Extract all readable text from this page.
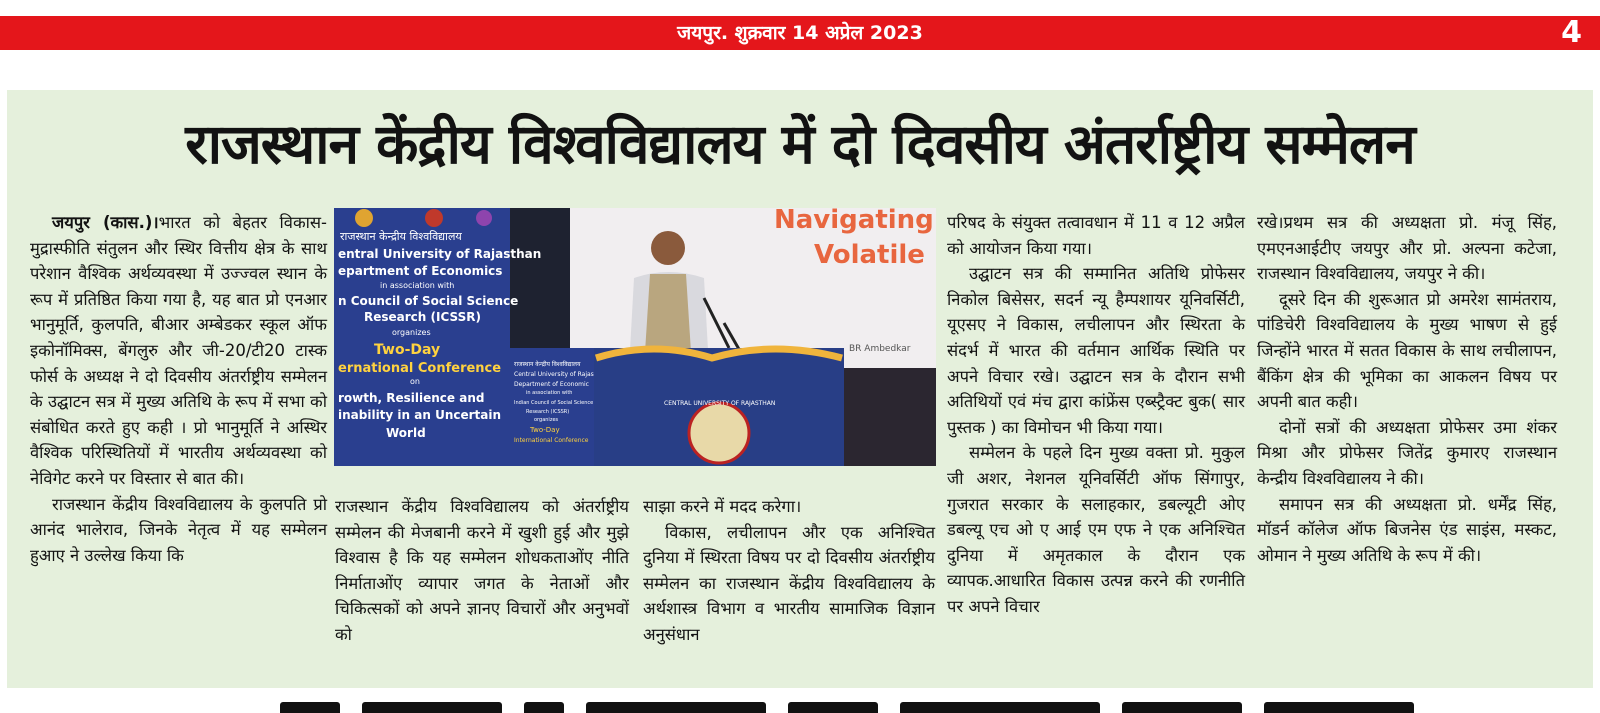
जयपुर. शुक्रवार 14 अप्रेल 2023	4
राजस्थान केंद्रीय विश्वविद्यालय में दो दिवसीय अंतर्राष्ट्रीय सम्मेलन

जयपुर (कास.)।भारत को बेहतर विकास-मुद्रास्फीति संतुलन और स्थिर वित्तीय क्षेत्र के साथ परेशान वैश्विक अर्थव्यवस्था में उज्ज्वल स्थान के रूप में प्रतिष्ठित किया गया है, यह बात प्रो एनआर भानुमूर्ति, कुलपति, बीआर अम्बेडकर स्कूल ऑफ इकोनॉमिक्स, बेंगलुरु और जी-20/टी20 टास्क फोर्स के अध्यक्ष ने दो दिवसीय अंतर्राष्ट्रीय सम्मेलन के उद्घाटन सत्र में मुख्य अतिथि के रूप में सभा को संबोधित करते हुए कही । प्रो भानुमूर्ति ने अस्थिर वैश्विक परिस्थितियों में भारतीय अर्थव्यवस्था को नेविगेट करने पर विस्तार से बात की।

राजस्थान केंद्रीय विश्वविद्यालय के कुलपति प्रो आनंद भालेराव, जिनके नेतृत्व में यह सम्मेलन हुआए ने उल्लेख किया कि

Navigating
Volatile
BR Ambedkar
राजस्थान केन्द्रीय विश्वविद्यालय
entral University of Rajasthan
epartment of Economics
in association with
n Council of Social Science
Research (ICSSR)
organizes
Two-Day
ernational Conference
on
rowth, Resilience and
inability in an Uncertain
World
CENTRAL UNIVERSITY OF RAJASTHAN
राजस्थान केन्द्रीय विश्वविद्यालय
Central University of Rajas
Department of Economic
in association with
Indian Council of Social Science
Research (ICSSR)
organizes
Two-Day
International Conference

राजस्थान केंद्रीय विश्वविद्यालय को अंतर्राष्ट्रीय सम्मेलन की मेजबानी करने में खुशी हुई और मुझे विश्वास है कि यह सम्मेलन शोधकताओंए नीति निर्माताओंए व्यापार जगत के नेताओं और चिकित्सकों को अपने ज्ञानए विचारों और अनुभवों को

साझा करने में मदद करेगा।

विकास, लचीलापन और एक अनिश्चित दुनिया में स्थिरता विषय पर दो दिवसीय अंतर्राष्ट्रीय सम्मेलन का राजस्थान केंद्रीय विश्वविद्यालय के अर्थशास्त्र विभाग व भारतीय सामाजिक विज्ञान अनुसंधान

परिषद के संयुक्त तत्वावधान में 11 व 12 अप्रैल को आयोजन किया गया।

उद्घाटन सत्र की सम्मानित अतिथि प्रोफेसर निकोल बिसेसर, सदर्न न्यू हैम्पशायर यूनिवर्सिटी, यूएसए ने विकास, लचीलापन और स्थिरता के संदर्भ में भारत की वर्तमान आर्थिक स्थिति पर अपने विचार रखे। उद्घाटन सत्र के दौरान सभी अतिथियों एवं मंच द्वारा कांफ्रेंस एब्स्ट्रैक्ट बुक( सार पुस्तक ) का विमोचन भी किया गया।

सम्मेलन के पहले दिन मुख्य वक्ता प्रो. मुकुल जी अशर, नेशनल यूनिवर्सिटी ऑफ सिंगापुर, गुजरात सरकार के सलाहकार, डबल्यूटी ओए डबल्यू एच ओ ए आई एम एफ ने एक अनिश्चित दुनिया में अमृतकाल के दौरान एक व्यापक.आधारित विकास उत्पन्न करने की रणनीति पर अपने विचार

रखे।प्रथम सत्र की अध्यक्षता प्रो. मंजू सिंह, एमएनआईटीए जयपुर और प्रो. अल्पना कटेजा, राजस्थान विश्वविद्यालय, जयपुर ने की।

दूसरे दिन की शुरूआत प्रो अमरेश सामंतराय, पांडिचेरी विश्वविद्यालय के मुख्य भाषण से हुई जिन्होंने भारत में सतत विकास के साथ लचीलापन, बैंकिंग क्षेत्र की भूमिका का आकलन विषय पर अपनी बात कही।

दोनों सत्रों की अध्यक्षता प्रोफेसर उमा शंकर मिश्रा और प्रोफेसर जितेंद्र कुमारए राजस्थान केन्द्रीय विश्वविद्यालय ने की।

समापन सत्र की अध्यक्षता प्रो. धर्मेंद्र सिंह, मॉडर्न कॉलेज ऑफ बिजनेस एंड साइंस, मस्कट, ओमान ने मुख्य अतिथि के रूप में की।
